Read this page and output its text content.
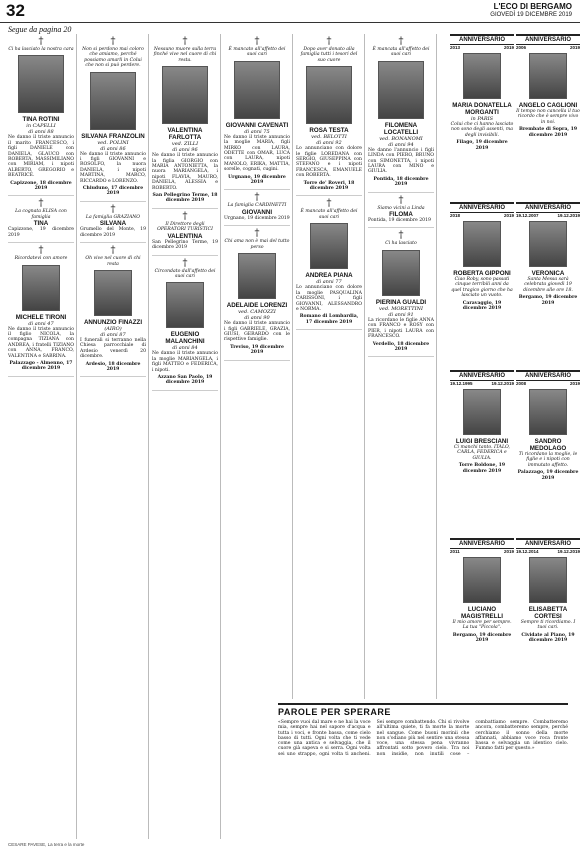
32	L'ECO DI BERGAMO
GIOVEDÌ 19 DICEMBRE 2019
Segue da pagina 20
†
Ci ha lasciato la nostra cara
TINA ROTINI
in CAPELLI
di anni 88
Ne danno il triste annuncio il marito FRANCESCO, i figli DANIELE con DANIELA, GLAUCO con ROBERTA, MASSIMILIANO con MIRIAM, i nipoti ALBERTO, GREGORIO e BEATRICE.
Capizzone, 18 dicembre 2019
†
La cognata ELISA con famiglia
TINA
Capizzone, 19 dicembre 2019
†
Ricordatevi con amore
MICHELE TIRONI
di anni 47
Ne danno il triste annuncio il figlio NICOLA, la compagna TIZIANA con ANDREA, i fratelli TIZIANO con ANNA, FRANCO, VALENTINA e SABRINA.
Palazzago - Almenno, 17 dicembre 2019
†
Non si perdono mai coloro che amiamo, perché possiamo amarli in Colui che non si può perdere.
SILVANA FRANZOLIN
ved. POLINI
di anni 86
Ne danno il triste annuncio i figli GIOVANNI e ROSOLFO, la nuora DANIELA, i nipoti MARTINA, MARCO, RICCARDO e LORENZO.
Chiuduno, 17 dicembre 2019
†
La famiglia GRAZIANO
SILVANA
Grumello del Monte, 19 dicembre 2019
†
Oh vive nel cuore di chi resta
ANNUNZIO FINAZZI
(AIRO)
di anni 87
I funerali si terranno nella Chiesa parrocchiale di Ardesio venerdì 20 dicembre.
Ardesio, 18 dicembre 2019
†
Nessuno muore sulla terra finché vive nel cuore di chi resta.
VALENTINA FARLOTTA
ved. ZILLI
di anni 96
Ne danno il triste annuncio la figlia GIORGIO con MARIA ANTONIETTA, la nuora MARIANGELA, i nipoti FLAVIA, MAURO, DANIELA, ALESSIA e ROBERTO.
San Pellegrino Terme, 18 dicembre 2019
†
Il Direttore degli OPERATORI TURISTICI
VALENTINA
San Pellegrino Terme, 19 dicembre 2019
†
Circondato dall'affetto dei suoi cari
EUGENIO MALANCHINI
di anni 84
Ne danno il triste annuncio la moglie MARIANGELA, i figli MATTEO e FEDERICA, i nipoti.
Azzano San Paolo, 19 dicembre 2019
†
È mancato all'affetto dei suoi cari
GIOVANNI CAVENATI
di anni 75
Ne danno il triste annuncio la moglie MARIA, figli MIRKO con LAURA, ODETTE con OMAR, LUCA con LAURA, nipoti MANOLO, ERIKA, MATTIA, sorelle, cognati, cugini.
Urgnano, 19 dicembre 2019
†
La famiglia CARDINETTI
GIOVANNI
Urgnano, 19 dicembre 2019
†
Chi ama non è mai del tutto perso
ADELAIDE LORENZI
ved. CAMOZZI
di anni 90
Ne danno il triste annuncio i figli GABRIELE, GRAZIA, GIUSI, GERARDO con le rispettive famiglie.
Treviso, 19 dicembre 2019
†
Dopo aver donato alla famiglia tutti i tesori del suo cuore
ROSA TESTA
ved. BELOTTI
di anni 92
Lo annunciano con dolore le figlie LOREDANA con SERGIO, GIUSEPPINA con STEFANO e i nipoti FRANCESCA, EMANUELE con ROBERTA.
Torre de' Roveri, 18 dicembre 2019
†
È mancato all'affetto dei suoi cari
ANDREA PIANA
di anni 77
Lo annunciano con dolore la moglie PASQUALINA CARISSONI, i figli GIOVANNI, ALESSANDRO e NORMA.
Romano di Lombardia, 17 dicembre 2019
†
È mancata all'affetto dei suoi cari
FILOMENA LOCATELLI
ved. BONANOMI
di anni 94
Ne danno l'annuncio i figli LINDA con PIERO, BRUNO con SIMONETTA, i nipoti LAURA con MINO e GIULIA.
Pontida, 18 dicembre 2019
†
Siamo vicini a Linda
FILOMA
Pontida, 19 dicembre 2019
†
Ci ha lasciato
PIERINA GUALDI
ved. MORETTINI
di anni 91
La ricordano le figlie ANNA con FRANCO e ROSY con PIER, i nipoti LAURA con FRANCESCO.
Verdello, 18 dicembre 2019
ANNIVERSARIO
2013	2019
MARIA DONATELLA MORGANTI
in PARIS
Colui che ci hanno lasciato non sono degli assenti, ma degli invisibili.
Filago, 19 dicembre 2019
ANNIVERSARIO
2006	2019
ANGELO CAGLIONI
Il tempo non cancella il tuo ricordo che è sempre vivo in noi.
Brembate di Sopra, 19 dicembre 2019
ANNIVERSARIO
2018	2019
ROBERTA GIPPONI
Ciao Roby, sono passati cinque terribili anni da quel tragico giorno che ha lasciato un vuoto.
Caravaggio, 19 dicembre 2019
ANNIVERSARIO
19.12.2007	19.12.2019
VERONICA
Santa Messa sarà celebrata giovedì 19 dicembre alle ore 18.
Bergamo, 19 dicembre 2019
ANNIVERSARIO
19.12.1995	19.12.2019
LUIGI BRESCIANI
Ci manchi tanto. ITALO, CARLA, FEDERICA e GIULIA.
Torre Boldone, 19 dicembre 2019
ANNIVERSARIO
2008	2019
SANDRO MEDOLAGO
Ti ricordano la moglie, le figlie e i nipoti con immutato affetto.
Palazzago, 19 dicembre 2019
ANNIVERSARIO
2011	2019
LUCIANO MAGISTRELLI
Il mio amore per sempre. La tua "Piccola".
Bergamo, 19 dicembre 2019
ANNIVERSARIO
19.12.2014	19.12.2019
ELISABETTA CORTESI
Sempre ti ricordiamo. I tuoi cari.
Cividate al Piano, 19 dicembre 2019
PAROLE PER SPERARE
«Sempre vuoi dal mare e ne hai la voce mia, sempre hai nel sapore d'acqua e tutta i voci, e fronte bassa, come cielo basso di tutti. Ogni volta che ti vede come una antica e selvaggia, che il cuore già sapeva e si serra. Ogni volta sei uno strappo, ogni volta ti ancheni. Sei sempre combattendo. Chi si rivolve all'ultima quiete, ti fa morte la morte nel sangue. Come buoni morinii che non s'odiano più nel sentire una stessa voce, una stessa pena vivranno affrontati sotto povero cielo. Tra noi non insidie, non inutili cose – combattiamo sempre. Combatteremo ancora, combatteremo sempre, perché cerchiamo il sonno della morte affannati, abbiamo voce roca fronte bassa e selvaggia un identico cielo. Fummo fatti per questo.»
CESARE PAVESE, La terra e la morte
